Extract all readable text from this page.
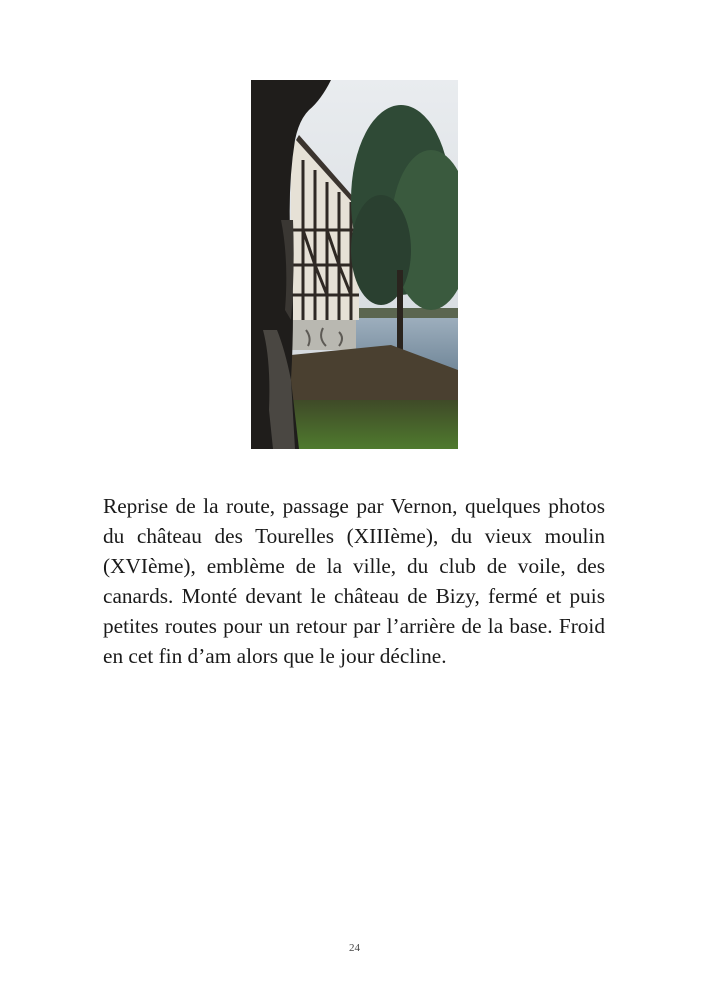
Reprise de la route, passage par Vernon, quelques photos du château des Tourelles (XIIIème), du vieux moulin (XVIème), emblème de la ville, du club de voile, des canards. Monté devant le château de Bizy, fermé et puis petites routes pour un retour par l’arrière de la base. Froid en cet fin d’am alors que le jour décline.

24
